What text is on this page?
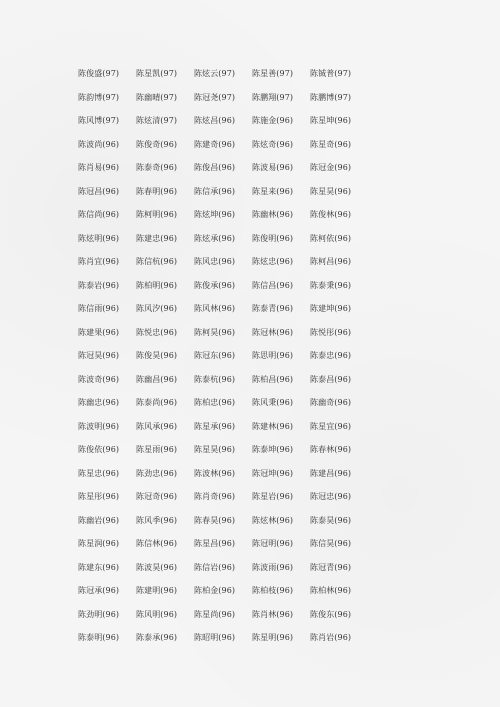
陈俊盛(97)	陈星凯(97)	陈炫云(97)	陈星善(97)	陈铖普(97)
陈韵博(97)	陈幽晴(97)	陈冠尧(97)	陈鹏翔(97)	陈鹏博(97)
陈风博(97)	陈炫清(97)	陈炫昌(96)	陈施金(96)	陈星坤(96)
陈波尚(96)	陈俊奇(96)	陈建奇(96)	陈炫奇(96)	陈星奇(96)
陈肖易(96)	陈泰奇(96)	陈俊昌(96)	陈波易(96)	陈冠金(96)
陈冠昌(96)	陈春明(96)	陈信承(96)	陈星来(96)	陈星昊(96)
陈信尚(96)	陈柯明(96)	陈炫坤(96)	陈幽林(96)	陈俊林(96)
陈炫明(96)	陈建忠(96)	陈炫承(96)	陈俊明(96)	陈柯依(96)
陈肖宜(96)	陈信杭(96)	陈风忠(96)	陈炫忠(96)	陈柯昌(96)
陈泰岩(96)	陈柏明(96)	陈俊承(96)	陈信昌(96)	陈泰秉(96)
陈信雨(96)	陈风汐(96)	陈风林(96)	陈泰青(96)	陈建坤(96)
陈建果(96)	陈悦忠(96)	陈柯昊(96)	陈冠林(96)	陈悦彤(96)
陈冠昊(96)	陈俊昊(96)	陈冠东(96)	陈思明(96)	陈泰忠(96)
陈波奇(96)	陈幽昌(96)	陈泰杭(96)	陈柏昌(96)	陈泰昌(96)
陈幽忠(96)	陈泰尚(96)	陈柏忠(96)	陈风秉(96)	陈幽奇(96)
陈波明(96)	陈风承(96)	陈星承(96)	陈建林(96)	陈星宜(96)
陈俊依(96)	陈星雨(96)	陈星昊(96)	陈泰坤(96)	陈春林(96)
陈星忠(96)	陈劲忠(96)	陈波林(96)	陈冠坤(96)	陈建昌(96)
陈星彤(96)	陈冠奇(96)	陈肖奇(96)	陈星岩(96)	陈冠忠(96)
陈幽岩(96)	陈风季(96)	陈春昊(96)	陈炫林(96)	陈泰昊(96)
陈星润(96)	陈信林(96)	陈星昌(96)	陈冠明(96)	陈信昊(96)
陈建东(96)	陈波昊(96)	陈信岩(96)	陈波雨(96)	陈冠青(96)
陈冠承(96)	陈建明(96)	陈柏金(96)	陈柏枝(96)	陈柏林(96)
陈劲明(96)	陈风明(96)	陈星尚(96)	陈肖林(96)	陈俊东(96)
陈泰明(96)	陈泰承(96)	陈昭明(96)	陈星明(96)	陈肖岩(96)
